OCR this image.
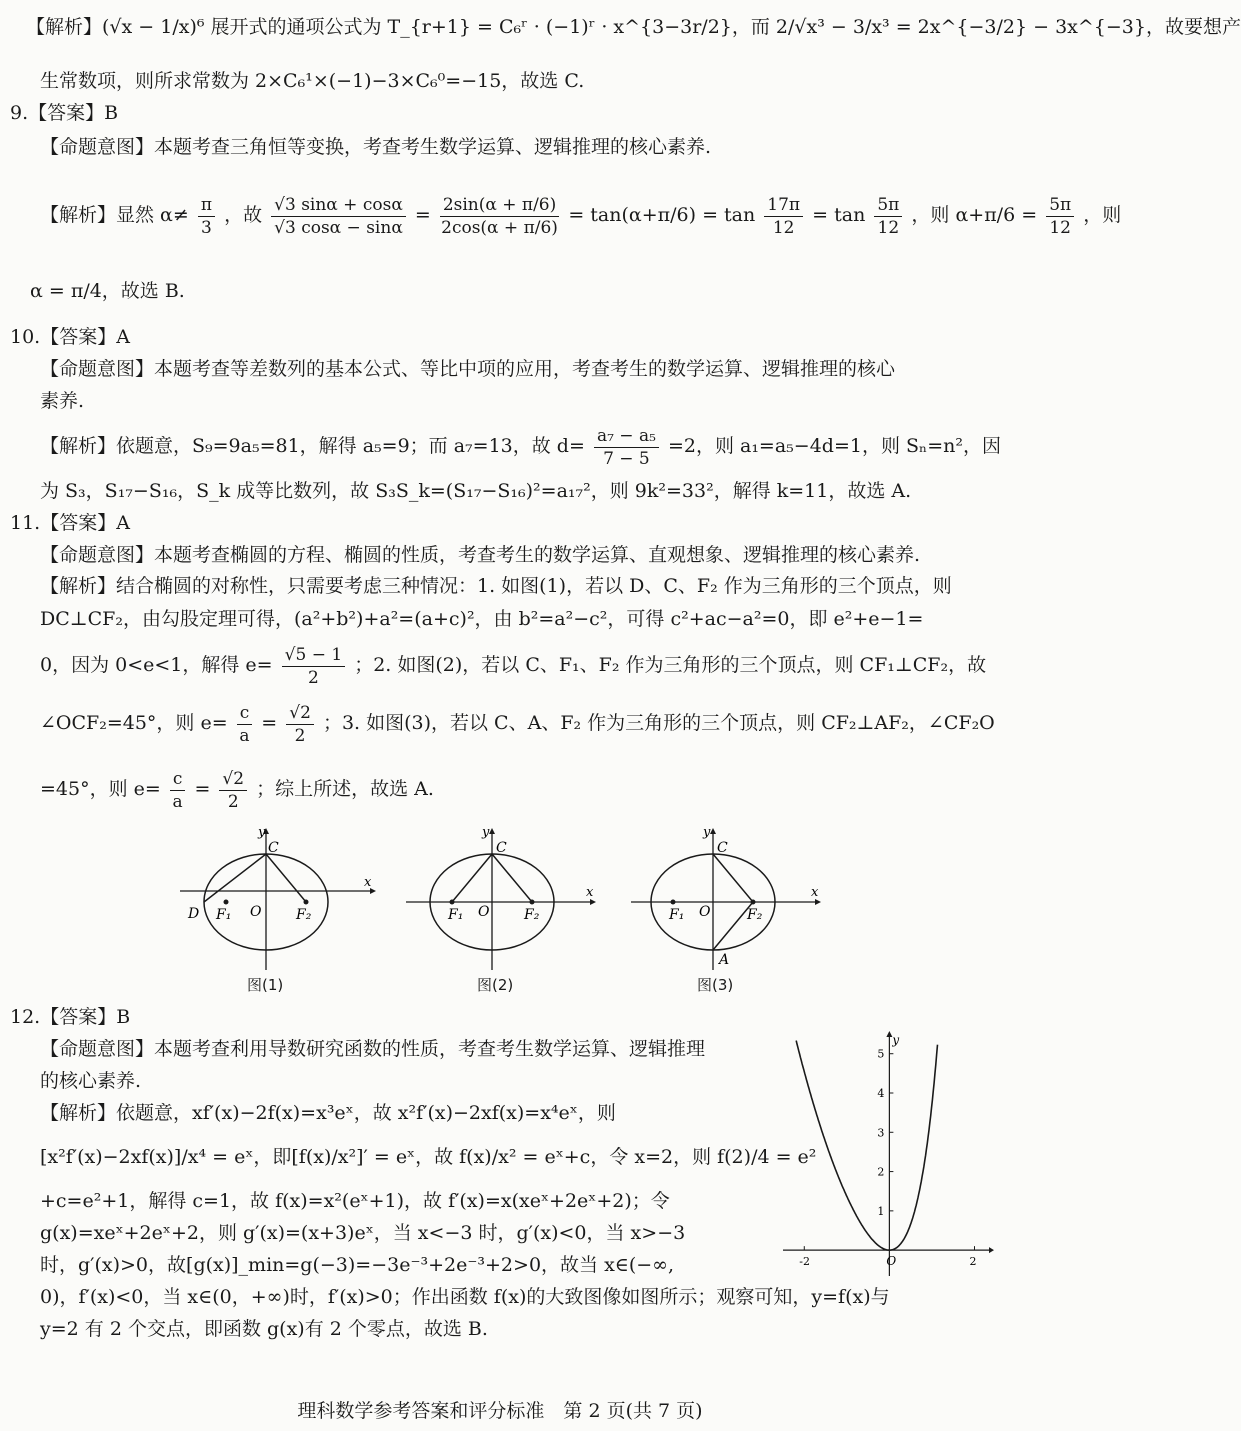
【解析】(√x − 1/x)⁶ 展开式的通项公式为 T_{r+1} = C₆ʳ · (−1)ʳ · x^{3−3r/2}，而 2/√x³ − 3/x³ = 2x^{−3/2} − 3x^{−3}，故要想产
生常数项，则所求常数为 2×C₆¹×(−1)−3×C₆⁰=−15，故选 C.
9.【答案】B
【命题意图】本题考查三角恒等变换，考查考生数学运算、逻辑推理的核心素养.
【解析】显然 $\alpha\ne \frac{\pi}{3}$ ，故 $\frac{√3 \sin\alpha + \cos\alpha}{√3 \cos\alpha - \sin\alpha} = \frac{2\sin(\alpha + \pi/6)}{2\cos(\alpha + \pi/6)} = \tan(\alpha+\pi/6) = \tan \frac{17\pi}{12} = \tan \frac{5\pi}{12}$ ，则 $\alpha+\pi/6 = \frac{5\pi}{12}$ ，则
α = π/4，故选 B.
10.【答案】A
【命题意图】本题考查等差数列的基本公式、等比中项的应用，考查考生的数学运算、逻辑推理的核心
素养.
【解析】依题意，S₉=9a₅=81，解得 a₅=9；而 a₇=13，故 $d= \frac{\text{a₇ − a₅}}{7 - 5} =2$，则 a₁=a₅−4d=1，则 Sₙ=n²，因
为 S₃，S₁₇−S₁₆，S_k 成等比数列，故 S₃S_k=(S₁₇−S₁₆)²=a₁₇²，则 9k²=33²，解得 k=11，故选 A.
11.【答案】A
【命题意图】本题考查椭圆的方程、椭圆的性质，考查考生的数学运算、直观想象、逻辑推理的核心素养.
【解析】结合椭圆的对称性，只需要考虑三种情况：1. 如图(1)，若以 D、C、F₂ 作为三角形的三个顶点，则
DC⊥CF₂，由勾股定理可得，(a²+b²)+a²=(a+c)²，由 b²=a²−c²，可得 c²+ac−a²=0，即 e²+e−1=
0，因为 0<e<1，解得 $e= \frac{√5 - 1}{2}$ ；2. 如图(2)，若以 C、F₁、F₂ 作为三角形的三个顶点，则 CF₁⊥CF₂，故
∠OCF₂=45°，则 $e= \frac{c}{a} = \frac{√2}{2}$ ；3. 如图(3)，若以 C、A、F₂ 作为三角形的三个顶点，则 CF₂⊥AF₂，∠CF₂O
=45°，则 $e= \frac{c}{a} = \frac{√2}{2}$ ；综上所述，故选 A.
y
C
x
D F₁ O F₂
图(1)
y
C
x
F₁ O F₂
图(2)
y
C
x
F₁ O	F₂
A
图(3)
12.【答案】B
【命题意图】本题考查利用导数研究函数的性质，考查考生数学运算、逻辑推理
的核心素养.
【解析】依题意，xf′(x)−2f(x)=x³eˣ，故 x²f′(x)−2xf(x)=x⁴eˣ，则
[x²f′(x)−2xf(x)]/x⁴ = eˣ，即[f(x)/x²]′ = eˣ，故 f(x)/x² = eˣ+c，令 x=2，则 f(2)/4 = e²
+c=e²+1，解得 c=1，故 f(x)=x²(eˣ+1)，故 f′(x)=x(xeˣ+2eˣ+2)；令
g(x)=xeˣ+2eˣ+2，则 g′(x)=(x+3)eˣ，当 x<−3 时，g′(x)<0，当 x>−3
时，g′(x)>0，故[g(x)]_min=g(−3)=−3e⁻³+2e⁻³+2>0，故当 x∈(−∞,
0)，f′(x)<0，当 x∈(0，+∞)时，f′(x)>0；作出函数 f(x)的大致图像如图所示；观察可知，y=f(x)与
y=2 有 2 个交点，即函数 g(x)有 2 个零点，故选 B.
1
2
3
4
5
-2	2
y
O
理科数学参考答案和评分标准　第 2 页(共 7 页)
